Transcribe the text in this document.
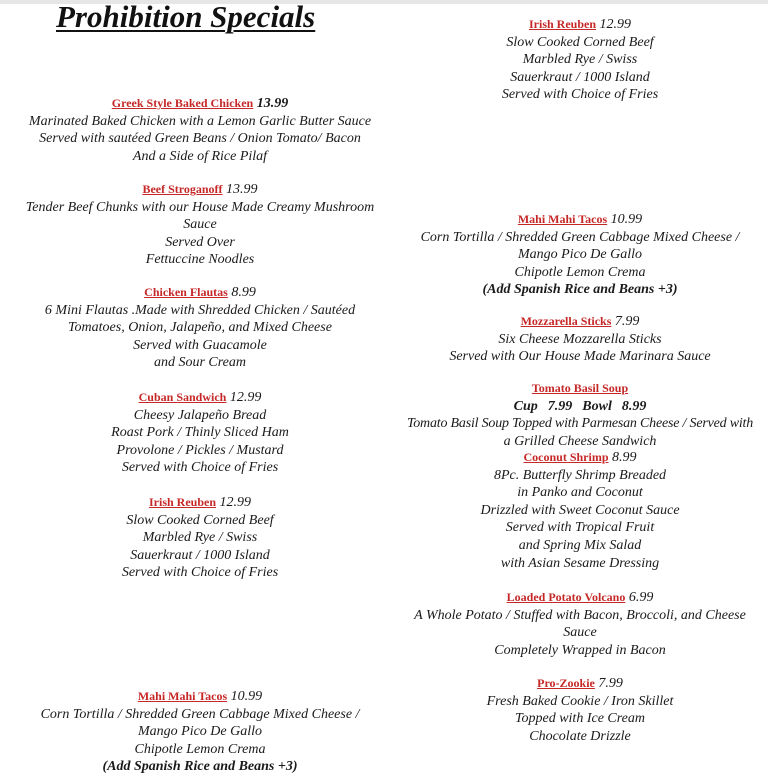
Prohibition Specials	Irish Reuben 12.99
Slow Cooked Corned Beef
Marbled Rye / Swiss
Sauerkraut / 1000 Island
Served with Choice of Fries
Greek Style Baked Chicken 13.99
Marinated Baked Chicken with a Lemon Garlic Butter Sauce
Served with sautéed Green Beans / Onion Tomato/ Bacon
And a Side of Rice Pilaf
Beef Stroganoff 13.99
Tender Beef Chunks with our House Made Creamy Mushroom
Sauce
Served Over
Fettuccine Noodles
Mahi Mahi Tacos 10.99
Corn Tortilla / Shredded Green Cabbage Mixed Cheese /
Mango Pico De Gallo
Chipotle Lemon Crema
(Add Spanish Rice and Beans +3)
Chicken Flautas 8.99
6 Mini Flautas .Made with Shredded Chicken / Sautéed
Tomatoes, Onion, Jalapeño, and Mixed Cheese
Served with Guacamole
and Sour Cream
Mozzarella Sticks 7.99
Six Cheese Mozzarella Sticks
Served with Our House Made Marinara Sauce
Tomato Basil Soup
Cup 7.99 Bowl 8.99
Tomato Basil Soup Topped with Parmesan Cheese / Served with
a Grilled Cheese Sandwich
Cuban Sandwich 12.99
Cheesy Jalapeño Bread
Roast Pork / Thinly Sliced Ham
Provolone / Pickles / Mustard
Served with Choice of Fries
Coconut Shrimp 8.99
8Pc. Butterfly Shrimp Breaded
in Panko and Coconut
Drizzled with Sweet Coconut Sauce
Served with Tropical Fruit
and Spring Mix Salad
with Asian Sesame Dressing
Irish Reuben 12.99
Slow Cooked Corned Beef
Marbled Rye / Swiss
Sauerkraut / 1000 Island
Served with Choice of Fries
Loaded Potato Volcano 6.99
A Whole Potato / Stuffed with Bacon, Broccoli, and Cheese
Sauce
Completely Wrapped in Bacon
Mahi Mahi Tacos 10.99
Corn Tortilla / Shredded Green Cabbage Mixed Cheese /
Mango Pico De Gallo
Chipotle Lemon Crema
(Add Spanish Rice and Beans +3)
Pro-Zookie 7.99
Fresh Baked Cookie / Iron Skillet
Topped with Ice Cream
Chocolate Drizzle
